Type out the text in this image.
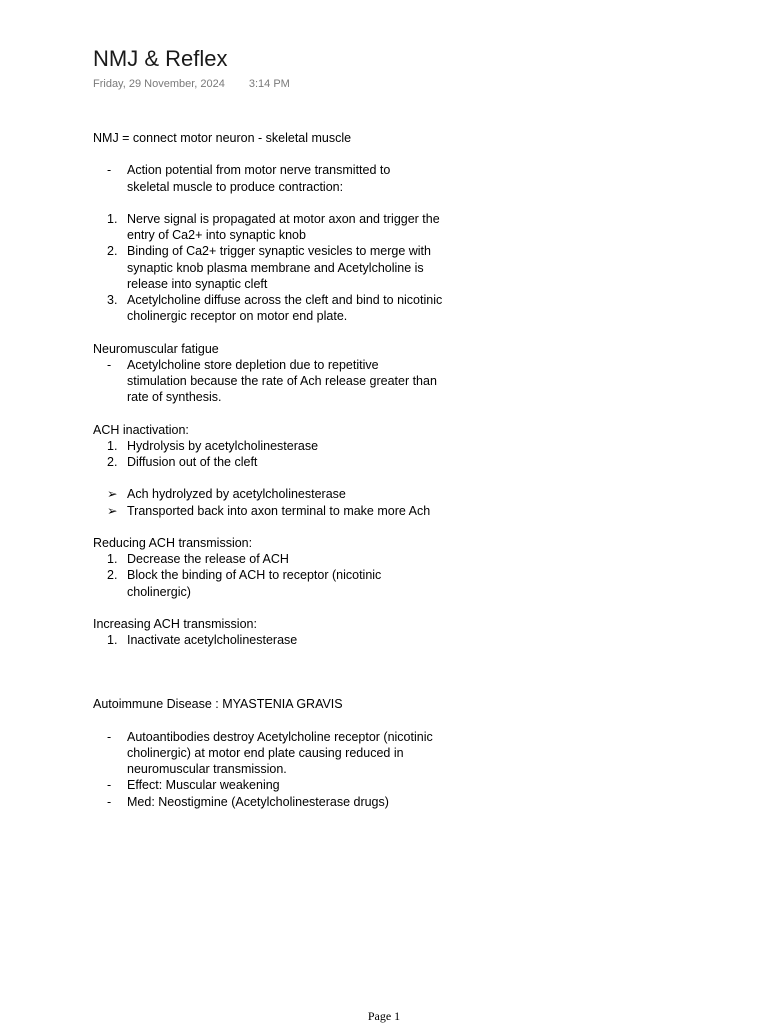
NMJ & Reflex
Friday, 29 November, 2024 3:14 PM
NMJ = connect motor neuron - skeletal muscle
-	Action potential from motor nerve transmitted to
skeletal muscle to produce contraction:
1. Nerve signal is propagated at motor axon and trigger the
entry of Ca2+ into synaptic knob
2. Binding of Ca2+ trigger synaptic vesicles to merge with
synaptic knob plasma membrane and Acetylcholine is
release into synaptic cleft
3. Acetylcholine diffuse across the cleft and bind to nicotinic
cholinergic receptor on motor end plate.
Neuromuscular fatigue
-	Acetylcholine store depletion due to repetitive
stimulation because the rate of Ach release greater than
rate of synthesis.
ACH inactivation:
1. Hydrolysis by acetylcholinesterase
2. Diffusion out of the cleft
➢ Ach hydrolyzed by acetylcholinesterase
➢ Transported back into axon terminal to make more Ach
Reducing ACH transmission:
1. Decrease the release of ACH
2. Block the binding of ACH to receptor (nicotinic
cholinergic)
Increasing ACH transmission:
1. Inactivate acetylcholinesterase
Autoimmune Disease : MYASTENIA GRAVIS
-	Autoantibodies destroy Acetylcholine receptor (nicotinic
cholinergic) at motor end plate causing reduced in
neuromuscular transmission.
-	Effect: Muscular weakening
-	Med: Neostigmine (Acetylcholinesterase drugs)
Page 1
